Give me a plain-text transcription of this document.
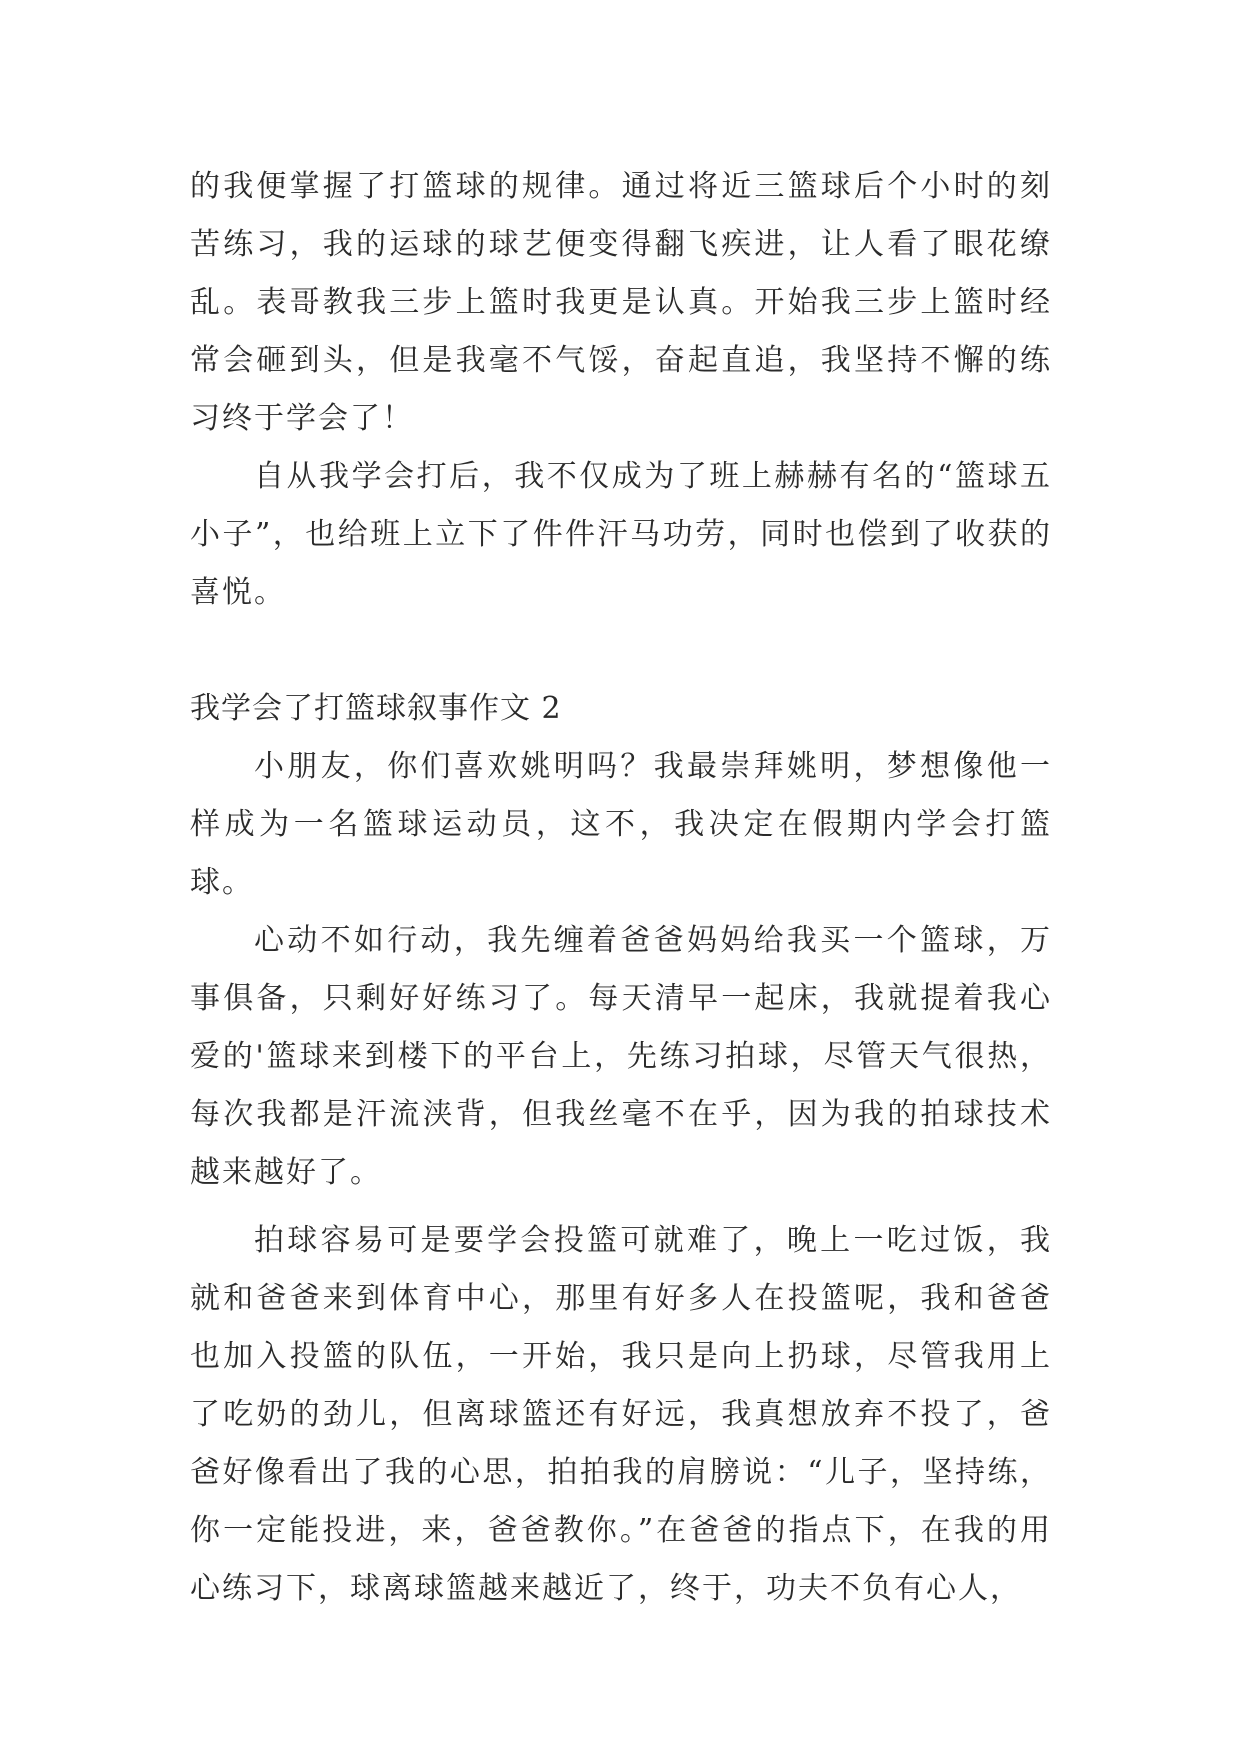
的我便掌握了打篮球的规律。通过将近三篮球后个小时的刻苦练习，我的运球的球艺便变得翻飞疾进，让人看了眼花缭乱。表哥教我三步上篮时我更是认真。开始我三步上篮时经常会砸到头，但是我毫不气馁，奋起直追，我坚持不懈的练习终于学会了！

自从我学会打后，我不仅成为了班上赫赫有名的“篮球五小子”，也给班上立下了件件汗马功劳，同时也偿到了收获的喜悦。

我学会了打篮球叙事作文 2

小朋友，你们喜欢姚明吗？我最崇拜姚明，梦想像他一样成为一名篮球运动员，这不，我决定在假期内学会打篮球。

心动不如行动，我先缠着爸爸妈妈给我买一个篮球，万事俱备，只剩好好练习了。每天清早一起床，我就提着我心爱的'篮球来到楼下的平台上，先练习拍球，尽管天气很热，每次我都是汗流浃背，但我丝毫不在乎，因为我的拍球技术越来越好了。

拍球容易可是要学会投篮可就难了，晚上一吃过饭，我就和爸爸来到体育中心，那里有好多人在投篮呢，我和爸爸也加入投篮的队伍，一开始，我只是向上扔球，尽管我用上了吃奶的劲儿，但离球篮还有好远，我真想放弃不投了，爸爸好像看出了我的心思，拍拍我的肩膀说：“儿子，坚持练，你一定能投进，来，爸爸教你。”在爸爸的指点下，在我的用心练习下，球离球篮越来越近了，终于，功夫不负有心人，
